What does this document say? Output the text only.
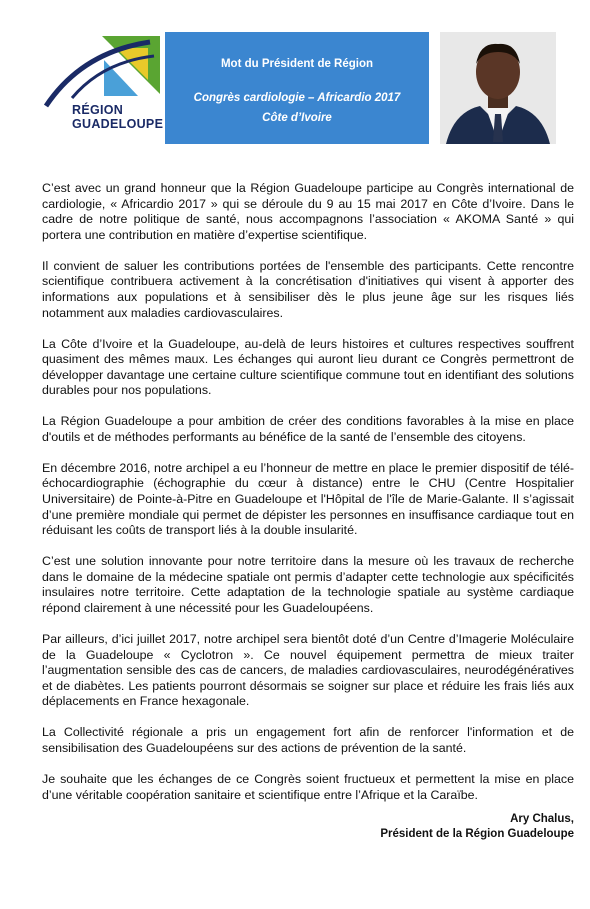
RÉGION
GUADELOUPE
Mot du Président de Région
Congrès cardiologie – Africardio 2017
Côte d’Ivoire

C’est avec un grand honneur que la Région Guadeloupe participe au Congrès international de cardiologie, « Africardio 2017 » qui se déroule du 9 au 15 mai 2017 en Côte d’Ivoire. Dans le cadre de notre politique de santé, nous accompagnons l’association « AKOMA Santé » qui portera une contribution en matière d’expertise scientifique.

Il convient de saluer les contributions portées de l'ensemble des participants. Cette rencontre scientifique contribuera activement à la concrétisation d'initiatives qui visent à apporter des informations aux populations et à sensibiliser dès le plus jeune âge sur les risques liés notamment aux maladies cardiovasculaires.

La Côte d’Ivoire et la Guadeloupe, au-delà de leurs histoires et cultures respectives souffrent quasiment des mêmes maux. Les échanges qui auront lieu durant ce Congrès permettront de développer davantage une certaine culture scientifique commune tout en identifiant des solutions durables pour nos populations.

La Région Guadeloupe a pour ambition de créer des conditions favorables à la mise en place d'outils et de méthodes performants au bénéfice de la santé de l’ensemble des citoyens.

En décembre 2016, notre archipel a eu l’honneur de mettre en place le premier dispositif de télé-échocardiographie (échographie du cœur à distance) entre le CHU (Centre Hospitalier Universitaire) de Pointe-à-Pitre en Guadeloupe et l'Hôpital de l'île de Marie-Galante. Il s’agissait d’une première mondiale qui permet de dépister les personnes en insuffisance cardiaque tout en réduisant les coûts de transport liés à la double insularité.

C’est une solution innovante pour notre territoire dans la mesure où les travaux de recherche dans le domaine de la médecine spatiale ont permis d’adapter cette technologie aux spécificités insulaires notre territoire. Cette adaptation de la technologie spatiale au système cardiaque répond clairement à une nécessité pour les Guadeloupéens.

Par ailleurs, d’ici juillet 2017, notre archipel sera bientôt doté d’un Centre d’Imagerie Moléculaire de la Guadeloupe « Cyclotron ». Ce nouvel équipement permettra de mieux traiter l’augmentation sensible des cas de cancers, de maladies cardiovasculaires, neurodégénératives et de diabètes. Les patients pourront désormais se soigner sur place et réduire les frais liés aux déplacements en France hexagonale.

La Collectivité régionale a pris un engagement fort afin de renforcer l'information et de sensibilisation des Guadeloupéens sur des actions de prévention de la santé.

Je souhaite que les échanges de ce Congrès soient fructueux et permettent la mise en place d’une véritable coopération sanitaire et scientifique entre l’Afrique et la Caraïbe.

Ary Chalus,
Président de la Région Guadeloupe
